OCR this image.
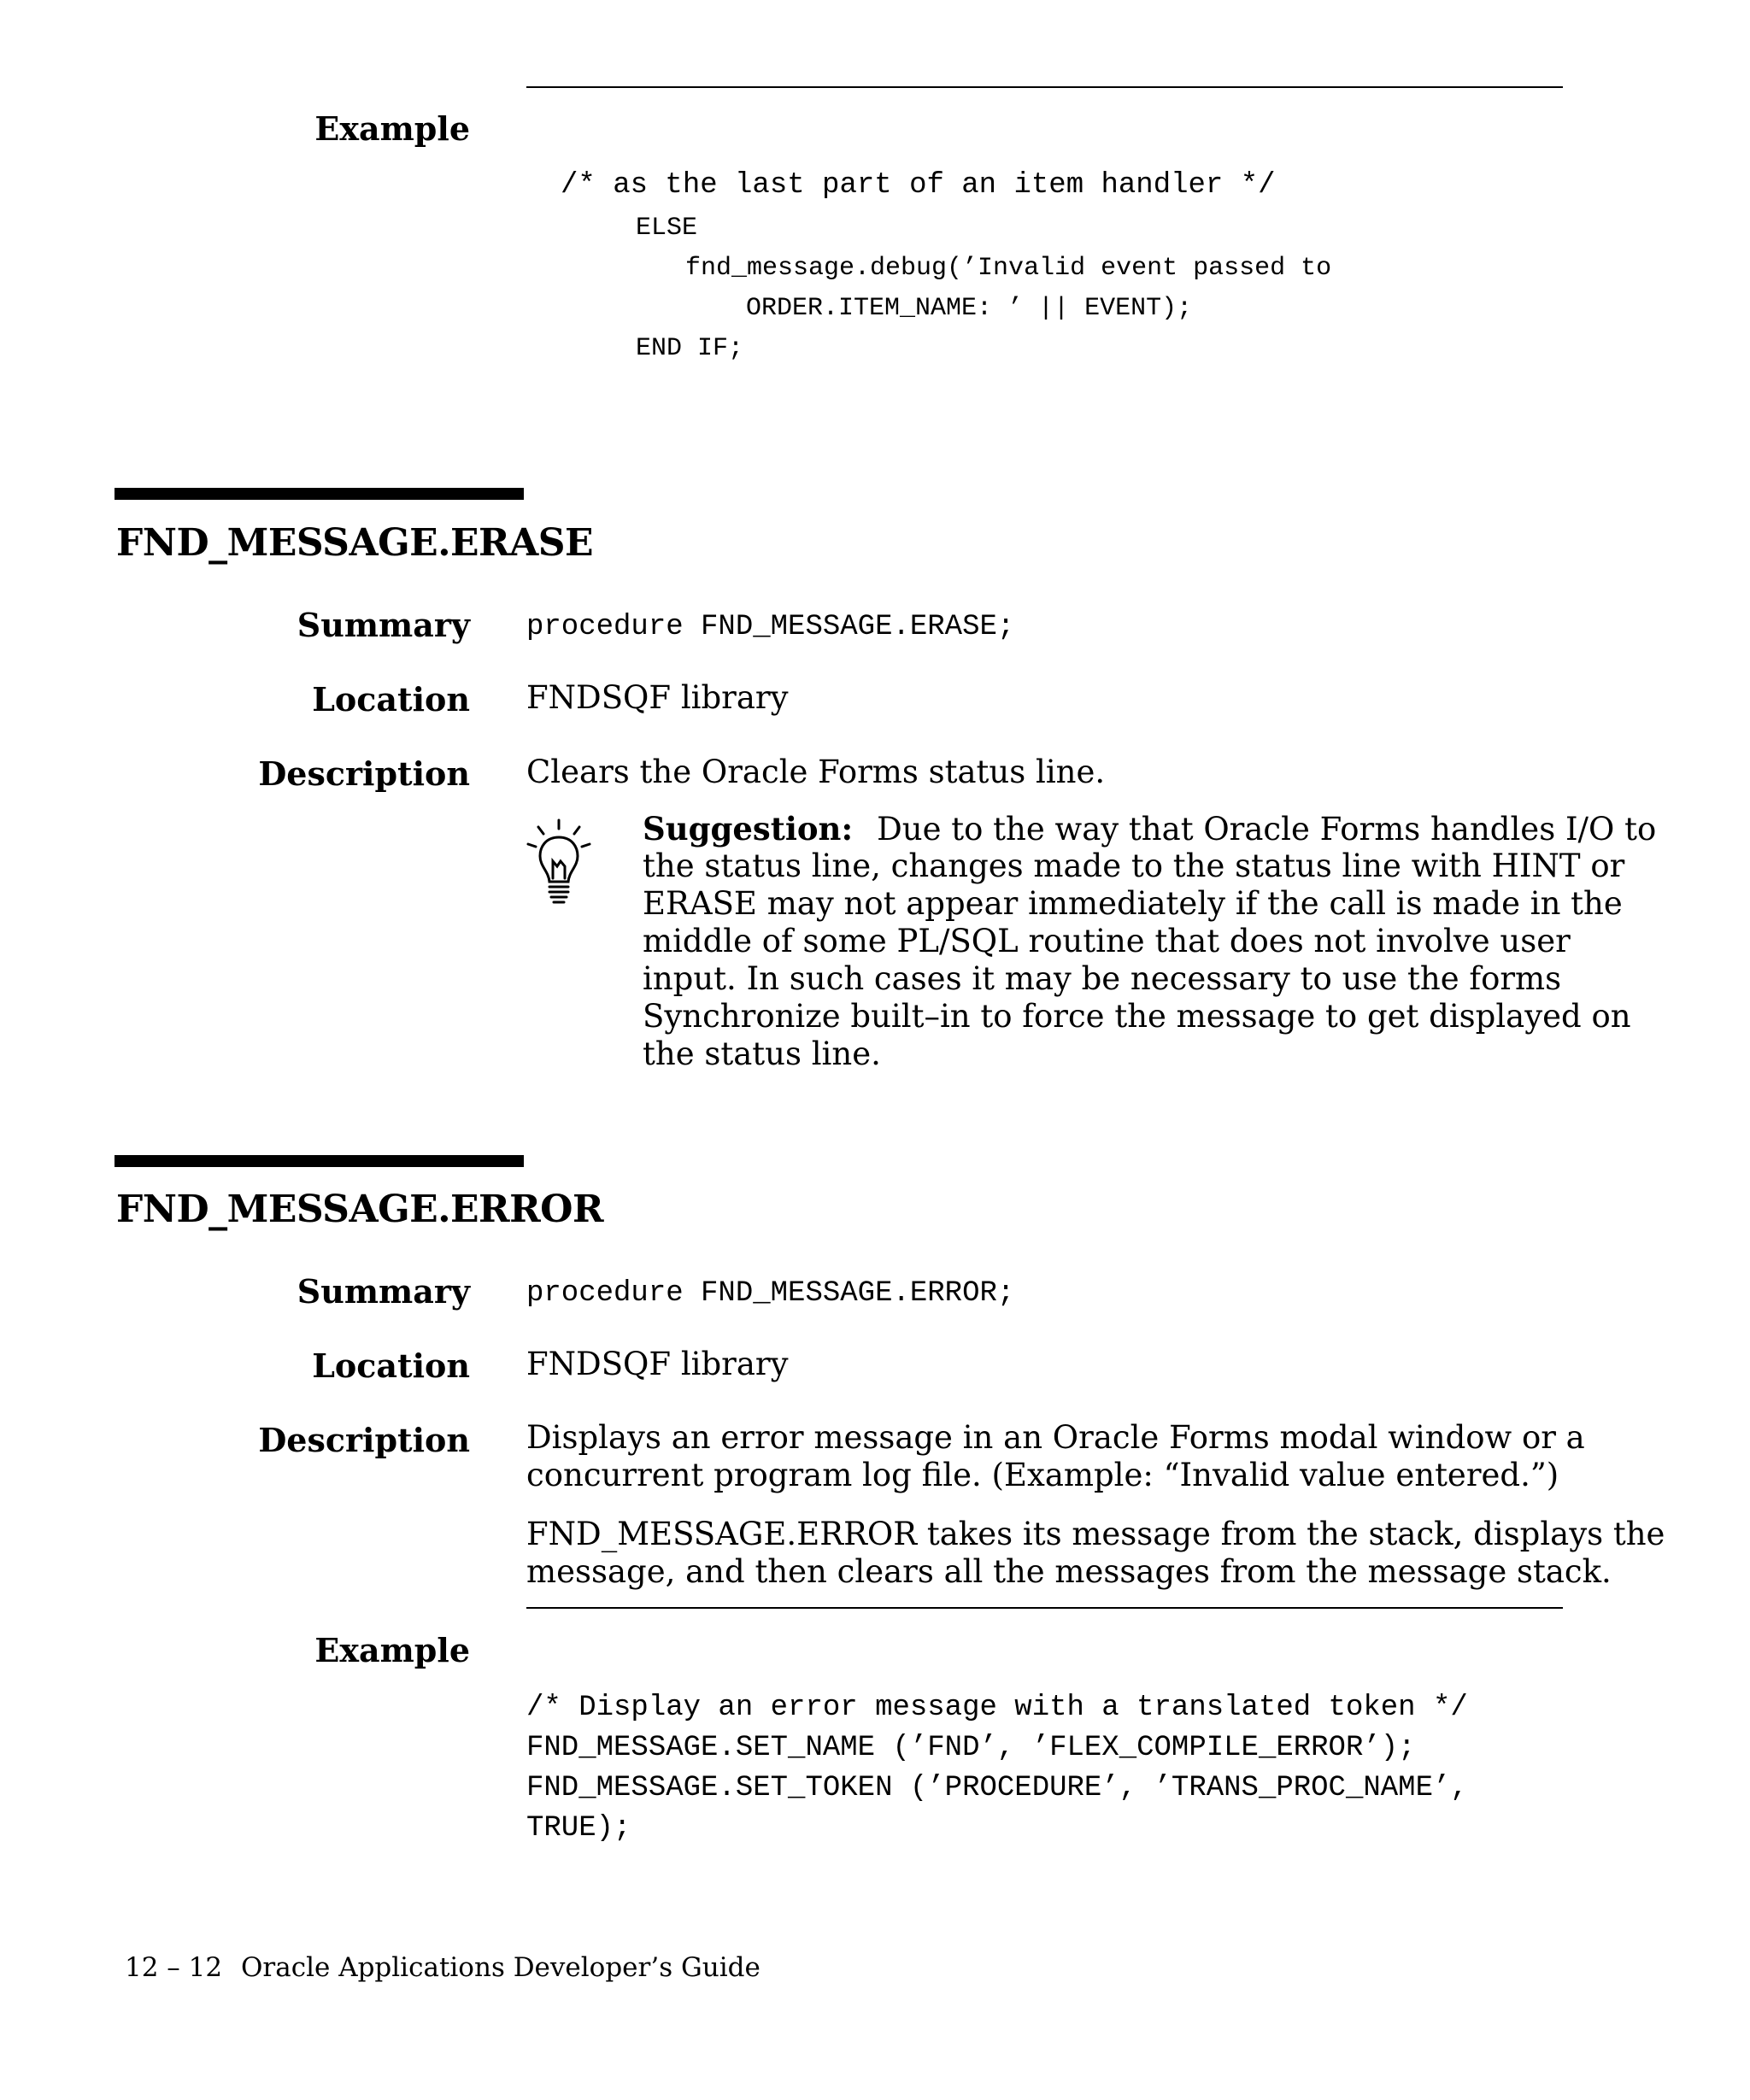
Example
/* as the last part of an item handler */
ELSE
fnd_message.debug(’Invalid event passed to
ORDER.ITEM_NAME: ’ || EVENT);
END IF;
FND_MESSAGE.ERASE
Summary procedure FND_MESSAGE.ERASE;
Location FNDSQF library
Description Clears the Oracle Forms status line.
Suggestion: Due to the way that Oracle Forms handles I/O to
the status line, changes made to the status line with HINT or
ERASE may not appear immediately if the call is made in the
middle of some PL/SQL routine that does not involve user
input. In such cases it may be necessary to use the forms
Synchronize built–in to force the message to get displayed on
the status line.
FND_MESSAGE.ERROR
Summary procedure FND_MESSAGE.ERROR;
Location FNDSQF library
Description Displays an error message in an Oracle Forms modal window or a
concurrent program log file. (Example: “Invalid value entered.”)
FND_MESSAGE.ERROR takes its message from the stack, displays the
message, and then clears all the messages from the message stack.
Example
/* Display an error message with a translated token */
FND_MESSAGE.SET_NAME (’FND’, ’FLEX_COMPILE_ERROR’);
FND_MESSAGE.SET_TOKEN (’PROCEDURE’, ’TRANS_PROC_NAME’,
TRUE);
12 – 12 Oracle Applications Developer’s Guide
